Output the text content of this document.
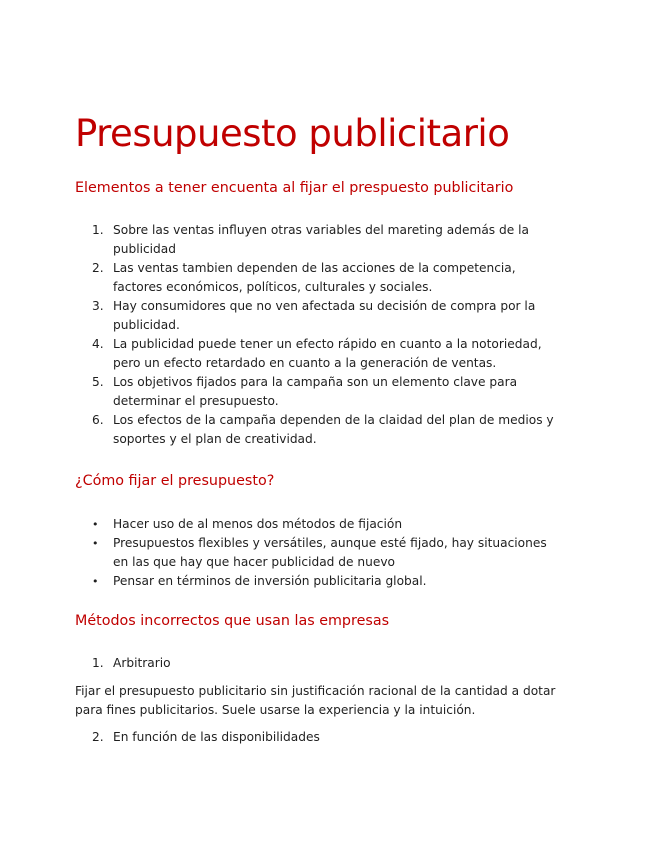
Presupuesto publicitario
Elementos a tener encuenta al fijar el prespuesto publicitario
1. Sobre las ventas influyen otras variables del mareting además de la publicidad
2. Las ventas tambien dependen de las acciones de la competencia, factores económicos, políticos, culturales y sociales.
3. Hay consumidores que no ven afectada su decisión de compra por la publicidad.
4. La publicidad puede tener un efecto rápido en cuanto a la notoriedad, pero un efecto retardado en cuanto a la generación de ventas.
5. Los objetivos fijados para la campaña son un elemento clave para determinar el presupuesto.
6. Los efectos de la campaña dependen de la claidad del plan de medios y soportes y el plan de creatividad.
¿Cómo fijar el presupuesto?
• Hacer uso de al menos dos métodos de fijación
• Presupuestos flexibles y versátiles, aunque esté fijado, hay situaciones en las que hay que hacer publicidad de nuevo
• Pensar en términos de inversión publicitaria global.
Métodos incorrectos que usan las empresas
1. Arbitrario

Fijar el presupuesto publicitario sin justificación racional de la cantidad a dotar para fines publicitarios. Suele usarse la experiencia y la intuición.

2. En función de las disponibilidades
